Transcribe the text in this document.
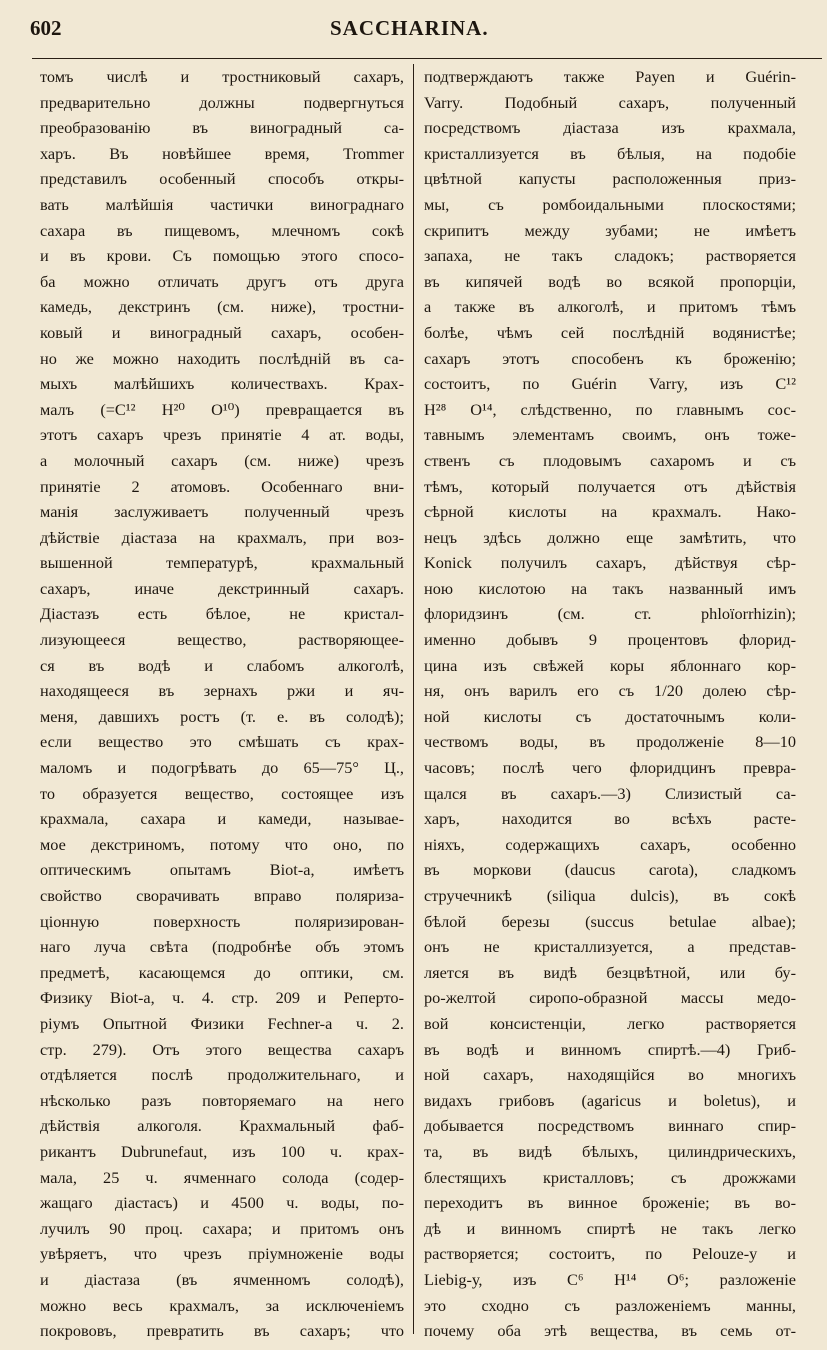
602	SACCHARINA.
томъ числѣ и тростниковый сахаръ,
предварительно должны подвергнуться
преобразованію въ виноградный са-
харъ. Въ новѣйшее время, Trommer
представилъ особенный способъ откры-
вать малѣйшія частички винограднаго
сахара въ пищевомъ, млечномъ сокѣ
и въ крови. Съ помощью этого спосо-
ба можно отличать другъ отъ друга
камедь, декстринъ (см. ниже), тростни-
ковый и виноградный сахаръ, особен-
но же можно находить послѣдній въ са-
мыхъ малѣйшихъ количествахъ. Крах-
малъ (=C¹² H²⁰ O¹⁰) превращается въ
этотъ сахаръ чрезъ принятіе 4 ат. воды,
а молочный сахаръ (см. ниже) чрезъ
принятіе 2 атомовъ. Особеннаго вни-
манія заслуживаетъ полученный чрезъ
дѣйствіе діастаза на крахмалъ, при воз-
вышенной температурѣ, крахмальный
сахаръ, иначе декстринный сахаръ.
Діастазъ есть бѣлое, не кристал-
лизующееся вещество, растворяющее-
ся въ водѣ и слабомъ алкоголѣ,
находящееся въ зернахъ ржи и яч-
меня, давшихъ ростъ (т. е. въ солодѣ);
если вещество это смѣшать съ крах-
маломъ и подогрѣвать до 65—75° Ц.,
то образуется вещество, состоящее изъ
крахмала, сахара и камеди, называе-
мое декстриномъ, потому что оно, по
оптическимъ опытамъ Biot-а, имѣетъ
свойство сворачивать вправо поляриза-
ціонную поверхность поляризирован-
наго луча свѣта (подробнѣе объ этомъ
предметѣ, касающемся до оптики, см.
Физику Biot-а, ч. 4. стр. 209 и Реперто-
ріумъ Опытной Физики Fechner-а ч. 2.
стр. 279). Отъ этого вещества сахаръ
отдѣляется послѣ продолжительнаго, и
нѣсколько разъ повторяемаго на него
дѣйствія алкоголя. Крахмальный фаб-
рикантъ Dubrunefaut, изъ 100 ч. крах-
мала, 25 ч. ячменнаго солода (содер-
жащаго діастасъ) и 4500 ч. воды, по-
лучилъ 90 проц. сахара; и притомъ онъ
увѣряетъ, что чрезъ пріумноженіе воды
и діастаза (въ ячменномъ солодѣ),
можно весь крахмалъ, за исключеніемъ
покрововъ, превратить въ сахаръ; что
подтверждаютъ также Payen и Guérin-
Varry. Подобный сахаръ, полученный
посредствомъ діастаза изъ крахмала,
кристаллизуется въ бѣлыя, на подобіе
цвѣтной капусты расположенныя приз-
мы, съ ромбоидальными плоскостями;
скрипитъ между зубами; не имѣетъ
запаха, не такъ сладокъ; растворяется
въ кипячей водѣ во всякой пропорціи,
а также въ алкоголѣ, и притомъ тѣмъ
болѣе, чѣмъ сей послѣдній водянистѣе;
сахаръ этотъ способенъ къ броженію;
состоитъ, по Guérin Varry, изъ C¹²
H²⁸ O¹⁴, слѣдственно, по главнымъ сос-
тавнымъ элементамъ своимъ, онъ тоже-
ственъ съ плодовымъ сахаромъ и съ
тѣмъ, который получается отъ дѣйствія
сѣрной кислоты на крахмалъ. Нако-
нецъ здѣсь должно еще замѣтить, что
Konick получилъ сахаръ, дѣйствуя сѣр-
ною кислотою на такъ названный имъ
флоридзинъ (см. ст. phloïorrhizin);
именно добывъ 9 процентовъ флорид-
цина изъ свѣжей коры яблоннаго кор-
ня, онъ варилъ его съ 1/20 долею сѣр-
ной кислоты съ достаточнымъ коли-
чествомъ воды, въ продолженіе 8—10
часовъ; послѣ чего флоридцинъ превра-
щался въ сахаръ.—3) Слизистый са-
харъ, находится во всѣхъ расте-
ніяхъ, содержащихъ сахаръ, особенно
въ моркови (daucus carota), сладкомъ
стручечникѣ (siliqua dulcis), въ сокѣ
бѣлой березы (succus betulae albae);
онъ не кристаллизуется, а представ-
ляется въ видѣ безцвѣтной, или бу-
ро-желтой сиропо-образной массы медо-
вой консистенціи, легко растворяется
въ водѣ и винномъ спиртѣ.—4) Гриб-
ной сахаръ, находящійся во многихъ
видахъ грибовъ (agaricus и boletus), и
добывается посредствомъ виннаго спир-
та, въ видѣ бѣлыхъ, цилиндрическихъ,
блестящихъ кристалловъ; съ дрожжами
переходитъ въ винное броженіе; въ во-
дѣ и винномъ спиртѣ не такъ легко
растворяется; состоитъ, по Pelouze-у и
Liebig-у, изъ C⁶ H¹⁴ O⁶; разложеніе
это сходно съ разложеніемъ манны,
почему оба этѣ вещества, въ семь от-
